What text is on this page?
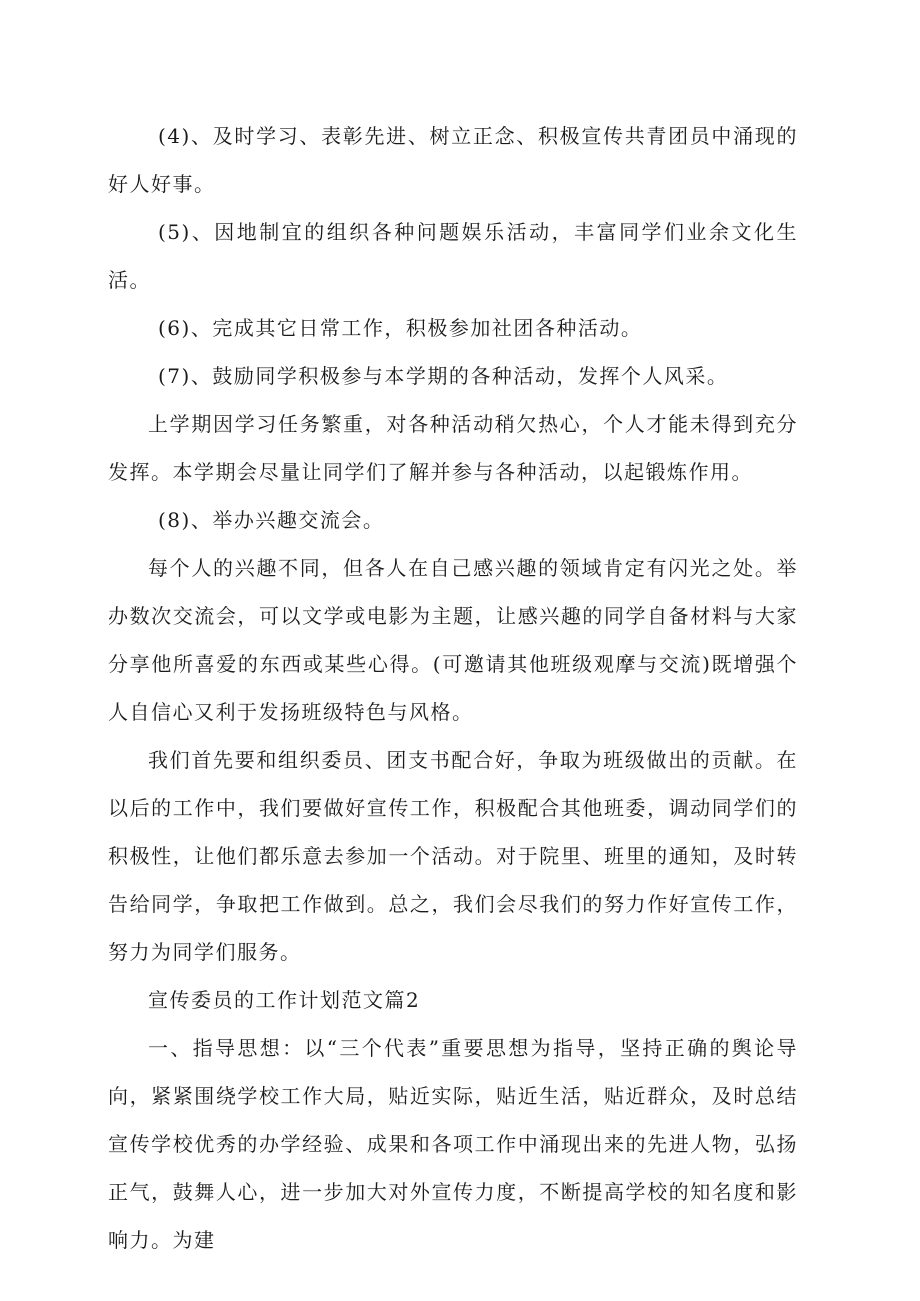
(4)、及时学习、表彰先进、树立正念、积极宣传共青团员中涌现的好人好事。

(5)、因地制宜的组织各种问题娱乐活动，丰富同学们业余文化生活。

(6)、完成其它日常工作，积极参加社团各种活动。

(7)、鼓励同学积极参与本学期的各种活动，发挥个人风采。

上学期因学习任务繁重，对各种活动稍欠热心，个人才能未得到充分发挥。本学期会尽量让同学们了解并参与各种活动，以起锻炼作用。

(8)、举办兴趣交流会。

每个人的兴趣不同，但各人在自己感兴趣的领域肯定有闪光之处。举办数次交流会，可以文学或电影为主题，让感兴趣的同学自备材料与大家分享他所喜爱的东西或某些心得。(可邀请其他班级观摩与交流)既增强个人自信心又利于发扬班级特色与风格。

我们首先要和组织委员、团支书配合好，争取为班级做出的贡献。在以后的工作中，我们要做好宣传工作，积极配合其他班委，调动同学们的积极性，让他们都乐意去参加一个活动。对于院里、班里的通知，及时转告给同学，争取把工作做到。总之，我们会尽我们的努力作好宣传工作，努力为同学们服务。

宣传委员的工作计划范文篇2

一、指导思想：以“三个代表”重要思想为指导，坚持正确的舆论导向，紧紧围绕学校工作大局，贴近实际，贴近生活，贴近群众，及时总结宣传学校优秀的办学经验、成果和各项工作中涌现出来的先进人物，弘扬正气，鼓舞人心，进一步加大对外宣传力度，不断提高学校的知名度和影响力。为建
